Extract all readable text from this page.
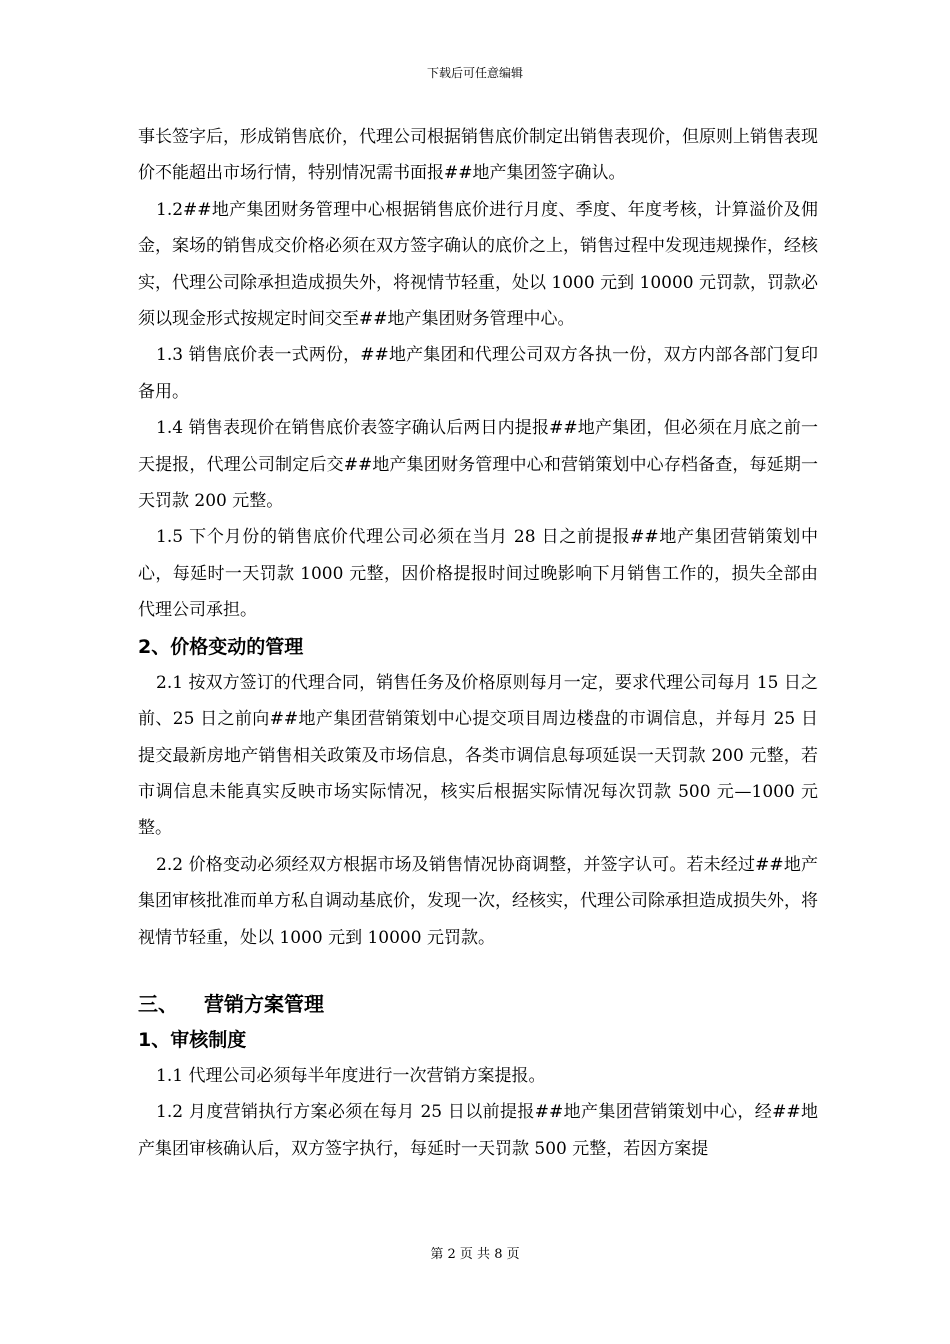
下载后可任意编辑

事长签字后，形成销售底价，代理公司根据销售底价制定出销售表现价，但原则上销售表现价不能超出市场行情，特别情况需书面报##地产集团签字确认。

1.2##地产集团财务管理中心根据销售底价进行月度、季度、年度考核，计算溢价及佣金，案场的销售成交价格必须在双方签字确认的底价之上，销售过程中发现违规操作，经核实，代理公司除承担造成损失外，将视情节轻重，处以 1000 元到 10000 元罚款，罚款必须以现金形式按规定时间交至##地产集团财务管理中心。

1.3 销售底价表一式两份，##地产集团和代理公司双方各执一份，双方内部各部门复印备用。

1.4 销售表现价在销售底价表签字确认后两日内提报##地产集团，但必须在月底之前一天提报，代理公司制定后交##地产集团财务管理中心和营销策划中心存档备查，每延期一天罚款 200 元整。

1.5 下个月份的销售底价代理公司必须在当月 28 日之前提报##地产集团营销策划中心，每延时一天罚款 1000 元整，因价格提报时间过晚影响下月销售工作的，损失全部由代理公司承担。

2、价格变动的管理

2.1 按双方签订的代理合同，销售任务及价格原则每月一定，要求代理公司每月 15 日之前、25 日之前向##地产集团营销策划中心提交项目周边楼盘的市调信息，并每月 25 日提交最新房地产销售相关政策及市场信息，各类市调信息每项延误一天罚款 200 元整，若市调信息未能真实反映市场实际情况，核实后根据实际情况每次罚款 500 元—1000 元整。

2.2 价格变动必须经双方根据市场及销售情况协商调整，并签字认可。若未经过##地产集团审核批准而单方私自调动基底价，发现一次，经核实，代理公司除承担造成损失外，将视情节轻重，处以 1000 元到 10000 元罚款。

三、 营销方案管理
1、审核制度

1.1 代理公司必须每半年度进行一次营销方案提报。

1.2 月度营销执行方案必须在每月 25 日以前提报##地产集团营销策划中心，经##地产集团审核确认后，双方签字执行，每延时一天罚款 500 元整，若因方案提

第 2 页 共 8 页
